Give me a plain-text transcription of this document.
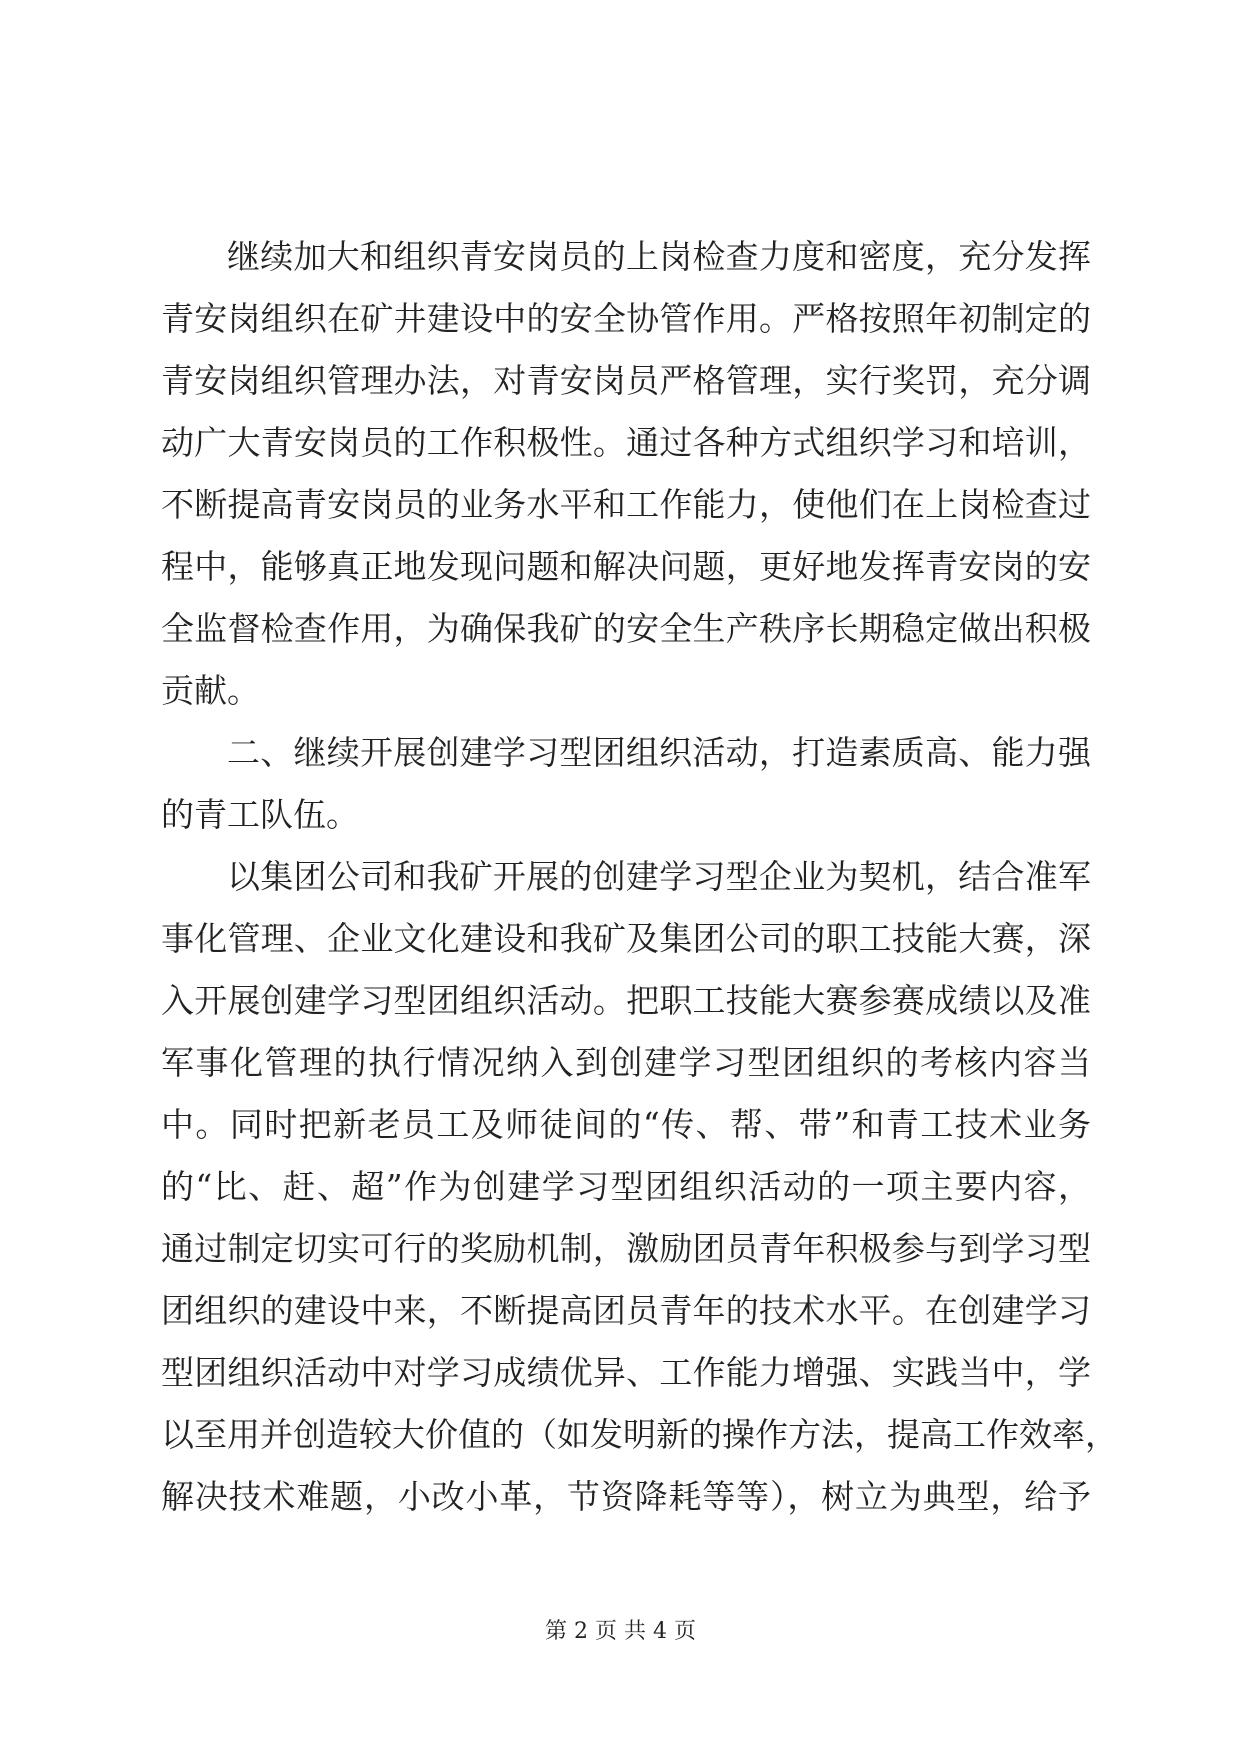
继续加大和组织青安岗员的上岗检查力度和密度，充分发挥
青安岗组织在矿井建设中的安全协管作用。严格按照年初制定的
青安岗组织管理办法，对青安岗员严格管理，实行奖罚，充分调
动广大青安岗员的工作积极性。通过各种方式组织学习和培训，
不断提高青安岗员的业务水平和工作能力，使他们在上岗检查过
程中，能够真正地发现问题和解决问题，更好地发挥青安岗的安
全监督检查作用，为确保我矿的安全生产秩序长期稳定做出积极
贡献。
二、继续开展创建学习型团组织活动，打造素质高、能力强
的青工队伍。
以集团公司和我矿开展的创建学习型企业为契机，结合准军
事化管理、企业文化建设和我矿及集团公司的职工技能大赛，深
入开展创建学习型团组织活动。把职工技能大赛参赛成绩以及准
军事化管理的执行情况纳入到创建学习型团组织的考核内容当
中。同时把新老员工及师徒间的“传、帮、带”和青工技术业务
的“比、赶、超”作为创建学习型团组织活动的一项主要内容，
通过制定切实可行的奖励机制，激励团员青年积极参与到学习型
团组织的建设中来，不断提高团员青年的技术水平。在创建学习
型团组织活动中对学习成绩优异、工作能力增强、实践当中，学
以至用并创造较大价值的（如发明新的操作方法，提高工作效率，
解决技术难题，小改小革，节资降耗等等），树立为典型，给予
第 2 页 共 4 页
